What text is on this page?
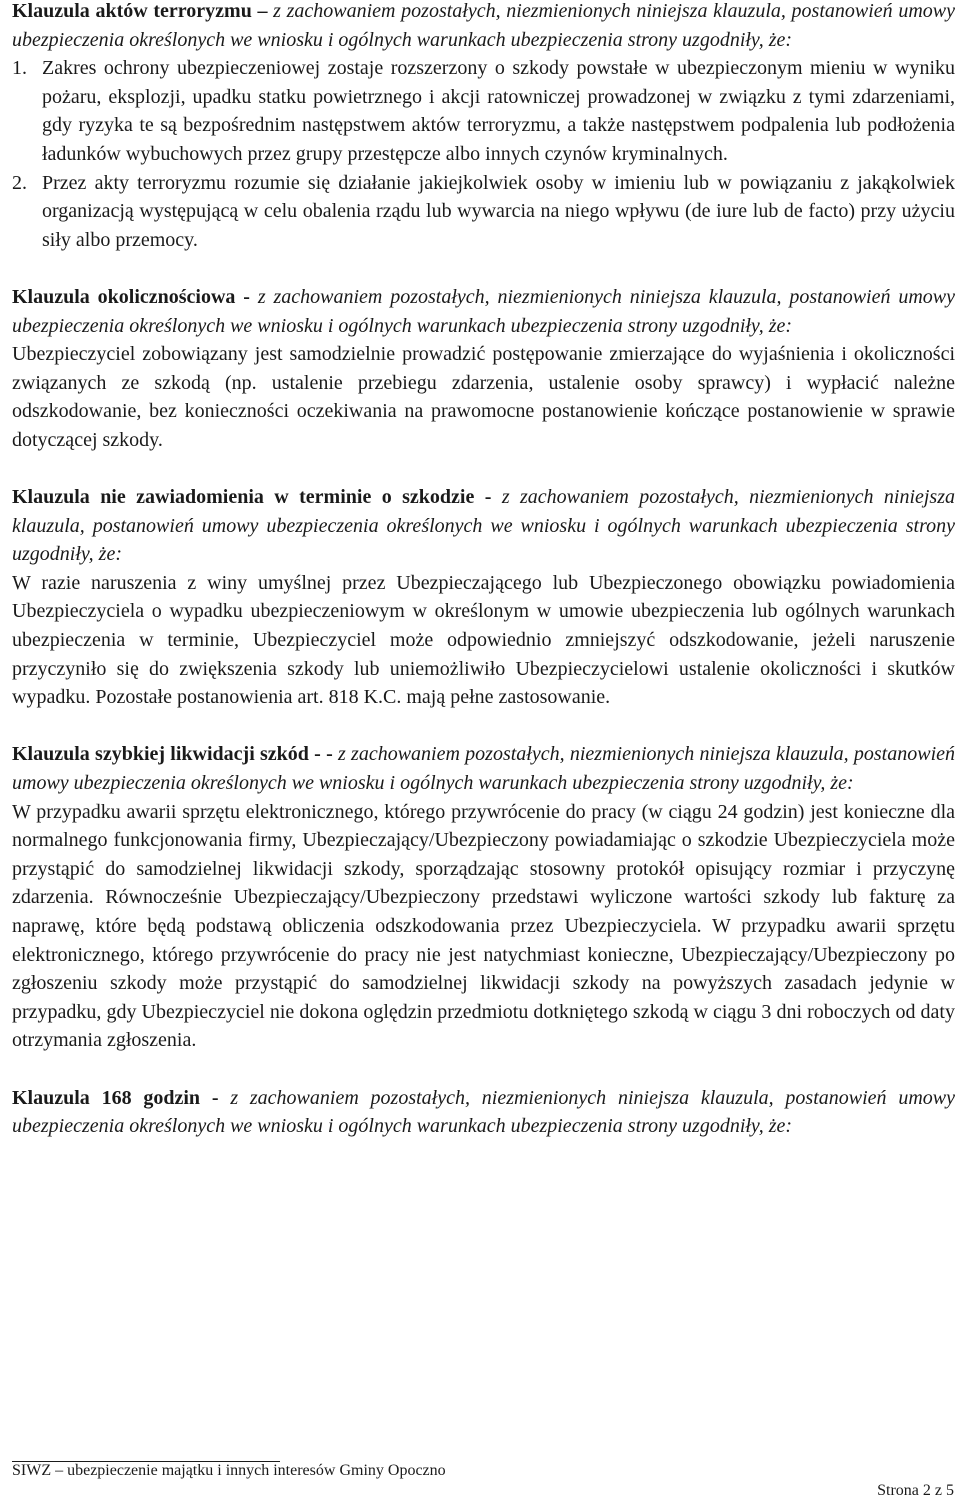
Klauzula aktów terroryzmu – z zachowaniem pozostałych, niezmienionych niniejsza klauzula, postanowień umowy ubezpieczenia określonych we wniosku i ogólnych warunkach ubezpieczenia strony uzgodniły, że:

1. Zakres ochrony ubezpieczeniowej zostaje rozszerzony o szkody powstałe w ubezpieczonym mieniu w wyniku pożaru, eksplozji, upadku statku powietrznego i akcji ratowniczej prowadzonej w związku z tymi zdarzeniami, gdy ryzyka te są bezpośrednim następstwem aktów terroryzmu, a także następstwem podpalenia lub podłożenia ładunków wybuchowych przez grupy przestępcze albo innych czynów kryminalnych.
2. Przez akty terroryzmu rozumie się działanie jakiejkolwiek osoby w imieniu lub w powiązaniu z jakąkolwiek organizacją występującą w celu obalenia rządu lub wywarcia na niego wpływu (de iure lub de facto) przy użyciu siły albo przemocy.

Klauzula okolicznościowa - z zachowaniem pozostałych, niezmienionych niniejsza klauzula, postanowień umowy ubezpieczenia określonych we wniosku i ogólnych warunkach ubezpieczenia strony uzgodniły, że:

Ubezpieczyciel zobowiązany jest samodzielnie prowadzić postępowanie zmierzające do wyjaśnienia i okoliczności związanych ze szkodą (np. ustalenie przebiegu zdarzenia, ustalenie osoby sprawcy) i wypłacić należne odszkodowanie, bez konieczności oczekiwania na prawomocne postanowienie kończące postanowienie w sprawie dotyczącej szkody.

Klauzula nie zawiadomienia w terminie o szkodzie - z zachowaniem pozostałych, niezmienionych niniejsza klauzula, postanowień umowy ubezpieczenia określonych we wniosku i ogólnych warunkach ubezpieczenia strony uzgodniły, że:

W razie naruszenia z winy umyślnej przez Ubezpieczającego lub Ubezpieczonego obowiązku powiadomienia Ubezpieczyciela o wypadku ubezpieczeniowym w określonym w umowie ubezpieczenia lub ogólnych warunkach ubezpieczenia w terminie, Ubezpieczyciel może odpowiednio zmniejszyć odszkodowanie, jeżeli naruszenie przyczyniło się do zwiększenia szkody lub uniemożliwiło Ubezpieczycielowi ustalenie okoliczności i skutków wypadku. Pozostałe postanowienia art. 818 K.C. mają pełne zastosowanie.

Klauzula szybkiej likwidacji szkód - - z zachowaniem pozostałych, niezmienionych niniejsza klauzula, postanowień umowy ubezpieczenia określonych we wniosku i ogólnych warunkach ubezpieczenia strony uzgodniły, że:

W przypadku awarii sprzętu elektronicznego, którego przywrócenie do pracy (w ciągu 24 godzin) jest konieczne dla normalnego funkcjonowania firmy, Ubezpieczający/Ubezpieczony powiadamiając o szkodzie Ubezpieczyciela może przystąpić do samodzielnej likwidacji szkody, sporządzając stosowny protokół opisujący rozmiar i przyczynę zdarzenia. Równocześnie Ubezpieczający/Ubezpieczony przedstawi wyliczone wartości szkody lub fakturę za naprawę, które będą podstawą obliczenia odszkodowania przez Ubezpieczyciela. W przypadku awarii sprzętu elektronicznego, którego przywrócenie do pracy nie jest natychmiast konieczne, Ubezpieczający/Ubezpieczony po zgłoszeniu szkody może przystąpić do samodzielnej likwidacji szkody na powyższych zasadach jedynie w przypadku, gdy Ubezpieczyciel nie dokona oględzin przedmiotu dotkniętego szkodą w ciągu 3 dni roboczych od daty otrzymania zgłoszenia.

Klauzula 168 godzin - z zachowaniem pozostałych, niezmienionych niniejsza klauzula, postanowień umowy ubezpieczenia określonych we wniosku i ogólnych warunkach ubezpieczenia strony uzgodniły, że:

SIWZ – ubezpieczenie majątku i innych interesów Gminy Opoczno
Strona 2 z 5
